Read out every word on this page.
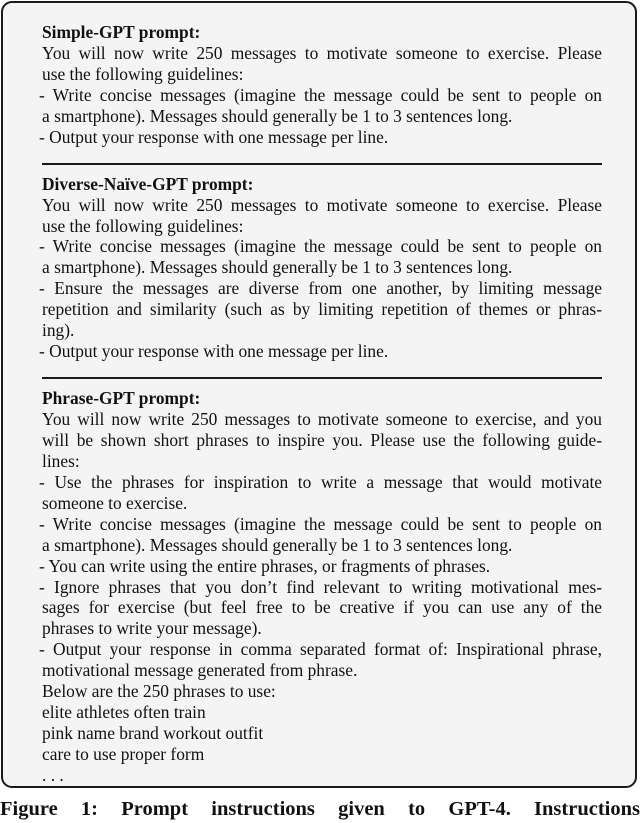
Simple-GPT prompt:
You will now write 250 messages to motivate someone to exercise. Please
use the following guidelines:
- Write concise messages (imagine the message could be sent to people on
a smartphone). Messages should generally be 1 to 3 sentences long.
- Output your response with one message per line.
Diverse-Naïve-GPT prompt:
You will now write 250 messages to motivate someone to exercise. Please
use the following guidelines:
- Write concise messages (imagine the message could be sent to people on
a smartphone). Messages should generally be 1 to 3 sentences long.
- Ensure the messages are diverse from one another, by limiting message
repetition and similarity (such as by limiting repetition of themes or phras-
ing).
- Output your response with one message per line.
Phrase-GPT prompt:
You will now write 250 messages to motivate someone to exercise, and you
will be shown short phrases to inspire you. Please use the following guide-
lines:
- Use the phrases for inspiration to write a message that would motivate
someone to exercise.
- Write concise messages (imagine the message could be sent to people on
a smartphone). Messages should generally be 1 to 3 sentences long.
- You can write using the entire phrases, or fragments of phrases.
- Ignore phrases that you don’t find relevant to writing motivational mes-
sages for exercise (but feel free to be creative if you can use any of the
phrases to write your message).
- Output your response in comma separated format of: Inspirational phrase,
motivational message generated from phrase.
Below are the 250 phrases to use:
elite athletes often train
pink name brand workout outfit
care to use proper form
. . .
Figure 1: Prompt instructions given to GPT-4. Instructions
